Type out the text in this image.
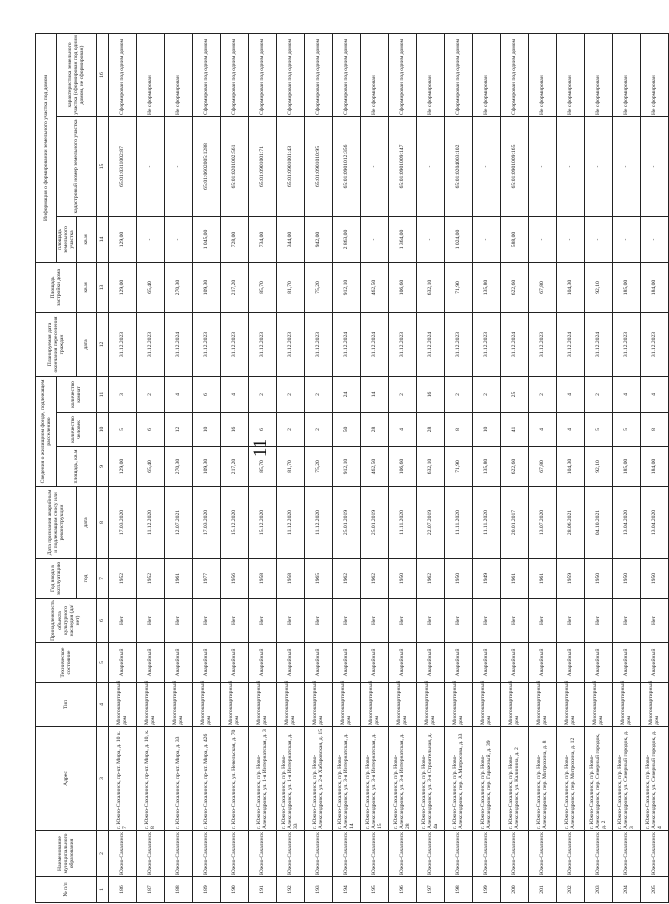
11
№ п/п	Наименование муниципального образования	Адрес	Тип	Техническое состояние	Принадлежность объекта культурного наследия (да/нет)	Год ввода в эксплуатацию	Дата признания аварийным и подлежащим сносу или реконструкции	Сведения о жилищном фонде, подлежащем расселению			Планируемая дата окончания переселения граждан	Площадь застройки дома	Информация о формировании земельного участка под домом		
								площадь, кв.м	количество человек	количество комнат			площадь земельного участка	кадастровый номер земельного участка	характеристика земельного участка (сформирован под одним домом, не сформирован)
						год	дата				дата	кв.м	кв.м		
1	2	3	4	5	6	7	8	9	10	11	12	13	14	15	16
186	Южно-Сахалинск	г. Южно-Сахалинск, пр-кт. Мира, д. 10 к. 7	Многоквартирный дом	Аварийный	Нет	1952	17.03.2020	129,00	5	3	31.12.2023	129,00	129,00	65:01:0311002:87	Сформирован под одним домом
187	Южно-Сахалинск	г. Южно-Сахалинск, пр-кт. Мира, д. 10, к. 8	Многоквартирный дом	Аварийный	Нет	1952	11.12.2020	65,40	6	2	31.12.2023	65,40	-	-	Не сформирован
188	Южно-Сахалинск	г. Южно-Сахалинск, пр-кт. Мира, д. 33	Многоквартирный дом	Аварийный	Нет	1961	12.07.2021	270,30	12	4	31.12.2024	270,30	-	-	Не сформирован
189	Южно-Сахалинск	г. Южно-Сахалинск, пр-кт. Мира, д. 426	Многоквартирный дом	Аварийный	Нет	1977	17.03.2020	109,30	10	6	31.12.2023	109,30	1 045,00	65:01:0602005:1288	Сформирован под одним домом
190	Южно-Сахалинск	г. Южно-Сахалинск, ул. Невельская, д. 70	Многоквартирный дом	Аварийный	Нет	1956	15.12.2020	217,20	16	4	31.12.2023	217,20	728,00	65:01:0201002:561	Сформирован под одним домом
191	Южно-Сахалинск	г. Южно-Сахалинск, п/р. Ново-Александровск, ул. 1-я Интернатская, д. 3	Многоквартирный дом	Аварийный	Нет	1958	15.12.2020	85,70	6	2	31.12.2023	85,70	734,00	65:01:0901001:71	Сформирован под одним домом
192	Южно-Сахалинск	г. Южно-Сахалинск, п/р. Ново-Александровск, ул. 1-я Интернатская, д. 33	Многоквартирный дом	Аварийный	Нет	1958	11.12.2020	81,70	2	2	31.12.2023	81,70	344,00	65:01:0901001:43	Сформирован под одним домом
193	Южно-Сахалинск	г. Южно-Сахалинск, п/р. Ново-Александровск, ул. 2-я Хабаровская, д. 15	Многоквартирный дом	Аварийный	Нет	1965	11.12.2020	75,20	2	2	31.12.2023	75,20	942,00	65:01:0901010:95	Сформирован под одним домом
194	Южно-Сахалинск	г. Южно-Сахалинск, п/р. Ново-Александровск, ул. 3-я Интернатская, д. 14	Многоквартирный дом	Аварийный	Нет	1962	25.01.2019	912,10	50	24	31.12.2024	912,10	2 863,00	65:01:0901012:356	Сформирован под одним домом
195	Южно-Сахалинск	г. Южно-Сахалинск, п/р. Ново-Александровск, ул. 3-я Интернатская, д. 15	Многоквартирный дом	Аварийный	Нет	1962	25.01.2019	462,50	28	14	31.12.2024	462,50	-	-	Не сформирован
196	Южно-Сахалинск	г. Южно-Сахалинск, п/р. Ново-Александровск, ул. 3-я Интернатская, д. 28	Многоквартирный дом	Аварийный	Нет	1950	11.11.2020	106,60	4	2	31.12.2023	106,60	1 364,00	65:01:0901009:147	Сформирован под одним домом
197	Южно-Сахалинск	г. Южно-Сахалинск, п/р. Ново-Александровск, ул. 3-я Строительная, д. 4а	Многоквартирный дом	Аварийный	Нет	1962	22.07.2019	632,10	28	16	31.12.2024	632,10	-	-	Не сформирован
198	Южно-Сахалинск	г. Южно-Сахалинск, п/р. Ново-Александровск, пер. А.Матросова, д. 33	Многоквартирный дом	Аварийный	Нет	1950	11.11.2020	71,90	8	2	31.12.2023	71,90	1 024,00	65:01:0204003:102	Сформирован под одним домом
199	Южно-Сахалинск	г. Южно-Сахалинск, п/р. Ново-Александровск, пер. Гаражный, д. 39	Многоквартирный дом	Аварийный	Нет	1949	11.11.2020	135,80	10	2	31.12.2023	135,80	-	-	Не сформирован
200	Южно-Сахалинск	г. Южно-Сахалинск, п/р. Ново-Александровск, ул. Калинина, д. 2	Многоквартирный дом	Аварийный	Нет	1961	20.01.2017	622,60	41	25	31.12.2024	622,60	588,00	65:01:0901009:165	Сформирован под одним домом
201	Южно-Сахалинск	г. Южно-Сахалинск, п/р. Ново-Александровск, пер. Митрохина, д. 8	Многоквартирный дом	Аварийный	Нет	1961	13.07.2020	67,80	4	2	31.12.2023	67,80	-	-	Не сформирован
202	Южно-Сахалинск	г. Южно-Сахалинск, п/р. Ново-Александровск, пер. Митрохина, д. 12	Многоквартирный дом	Аварийный	Нет	1959	28.06.2021	104,30	4	4	31.12.2024	104,30	-	-	Не сформирован
203	Южно-Сахалинск	г. Южно-Сахалинск, п/р. Ново-Александровск, пер. Северный городок, д. 2	Многоквартирный дом	Аварийный	Нет	1950	04.10.2021	92,10	5	2	31.12.2024	92,10	-	-	Не сформирован
204	Южно-Сахалинск	г. Южно-Сахалинск, п/р. Ново-Александровск, ул. Северный городок, д. 3	Многоквартирный дом	Аварийный	Нет	1950	13.04.2020	185,00	5	4	31.12.2023	185,00	-	-	Не сформирован
205	Южно-Сахалинск	г. Южно-Сахалинск, п/р. Ново-Александровск, ул. Северный городок, д. 4	Многоквартирный дом	Аварийный	Нет	1950	13.04.2020	184,00	8	4	31.12.2023	184,00	-	-	Не сформирован
